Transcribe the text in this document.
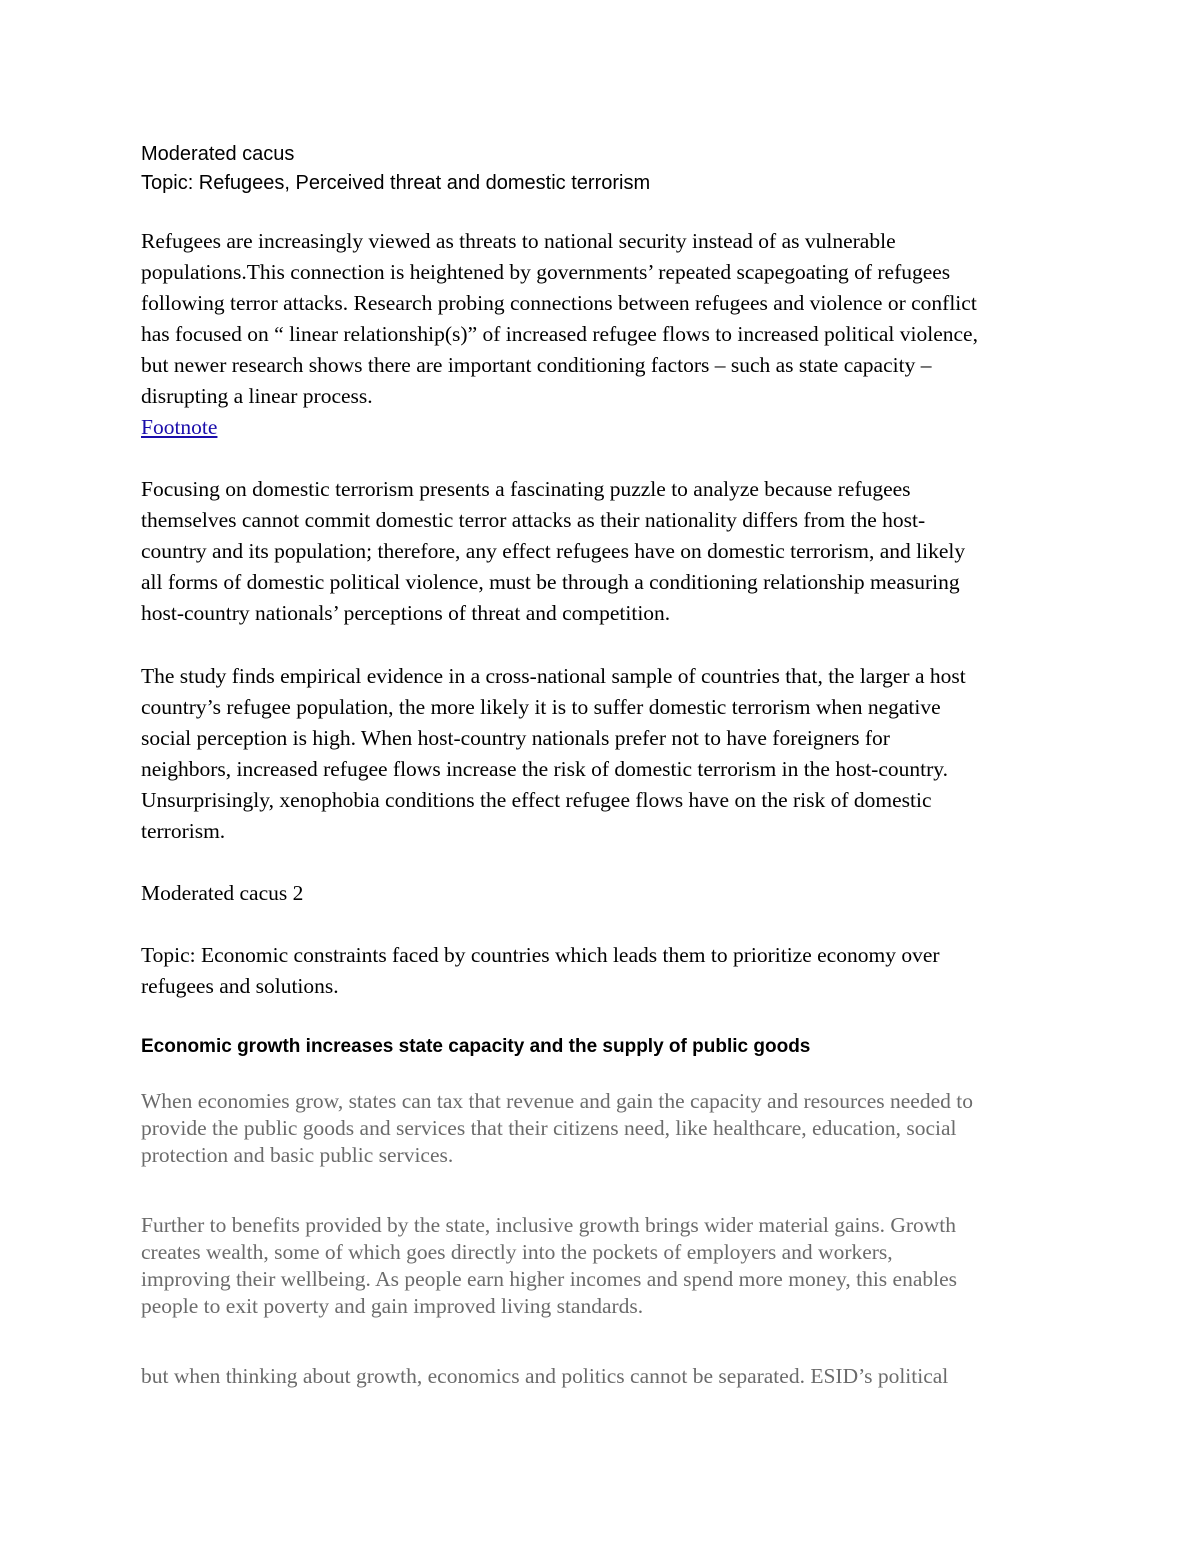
Moderated cacus
Topic: Refugees, Perceived threat and domestic terrorism
Refugees are increasingly viewed as threats to national security instead of as vulnerable
populations.This connection is heightened by governments’ repeated scapegoating of refugees
following terror attacks. Research probing connections between refugees and violence or conflict
has focused on “ linear relationship(s)” of increased refugee flows to increased political violence,
but newer research shows there are important conditioning factors – such as state capacity –
disrupting a linear process.
Footnote
Focusing on domestic terrorism presents a fascinating puzzle to analyze because refugees
themselves cannot commit domestic terror attacks as their nationality differs from the host-
country and its population; therefore, any effect refugees have on domestic terrorism, and likely
all forms of domestic political violence, must be through a conditioning relationship measuring
host-country nationals’ perceptions of threat and competition.
The study finds empirical evidence in a cross-national sample of countries that, the larger a host
country’s refugee population, the more likely it is to suffer domestic terrorism when negative
social perception is high. When host-country nationals prefer not to have foreigners for
neighbors, increased refugee flows increase the risk of domestic terrorism in the host-country.
Unsurprisingly, xenophobia conditions the effect refugee flows have on the risk of domestic
terrorism.
Moderated cacus 2
Topic: Economic constraints faced by countries which leads them to prioritize economy over
refugees and solutions.
Economic growth increases state capacity and the supply of public goods
When economies grow, states can tax that revenue and gain the capacity and resources needed to
provide the public goods and services that their citizens need, like healthcare, education, social
protection and basic public services.
Further to benefits provided by the state, inclusive growth brings wider material gains. Growth
creates wealth, some of which goes directly into the pockets of employers and workers,
improving their wellbeing. As people earn higher incomes and spend more money, this enables
people to exit poverty and gain improved living standards.
but when thinking about growth, economics and politics cannot be separated. ESID’s political
